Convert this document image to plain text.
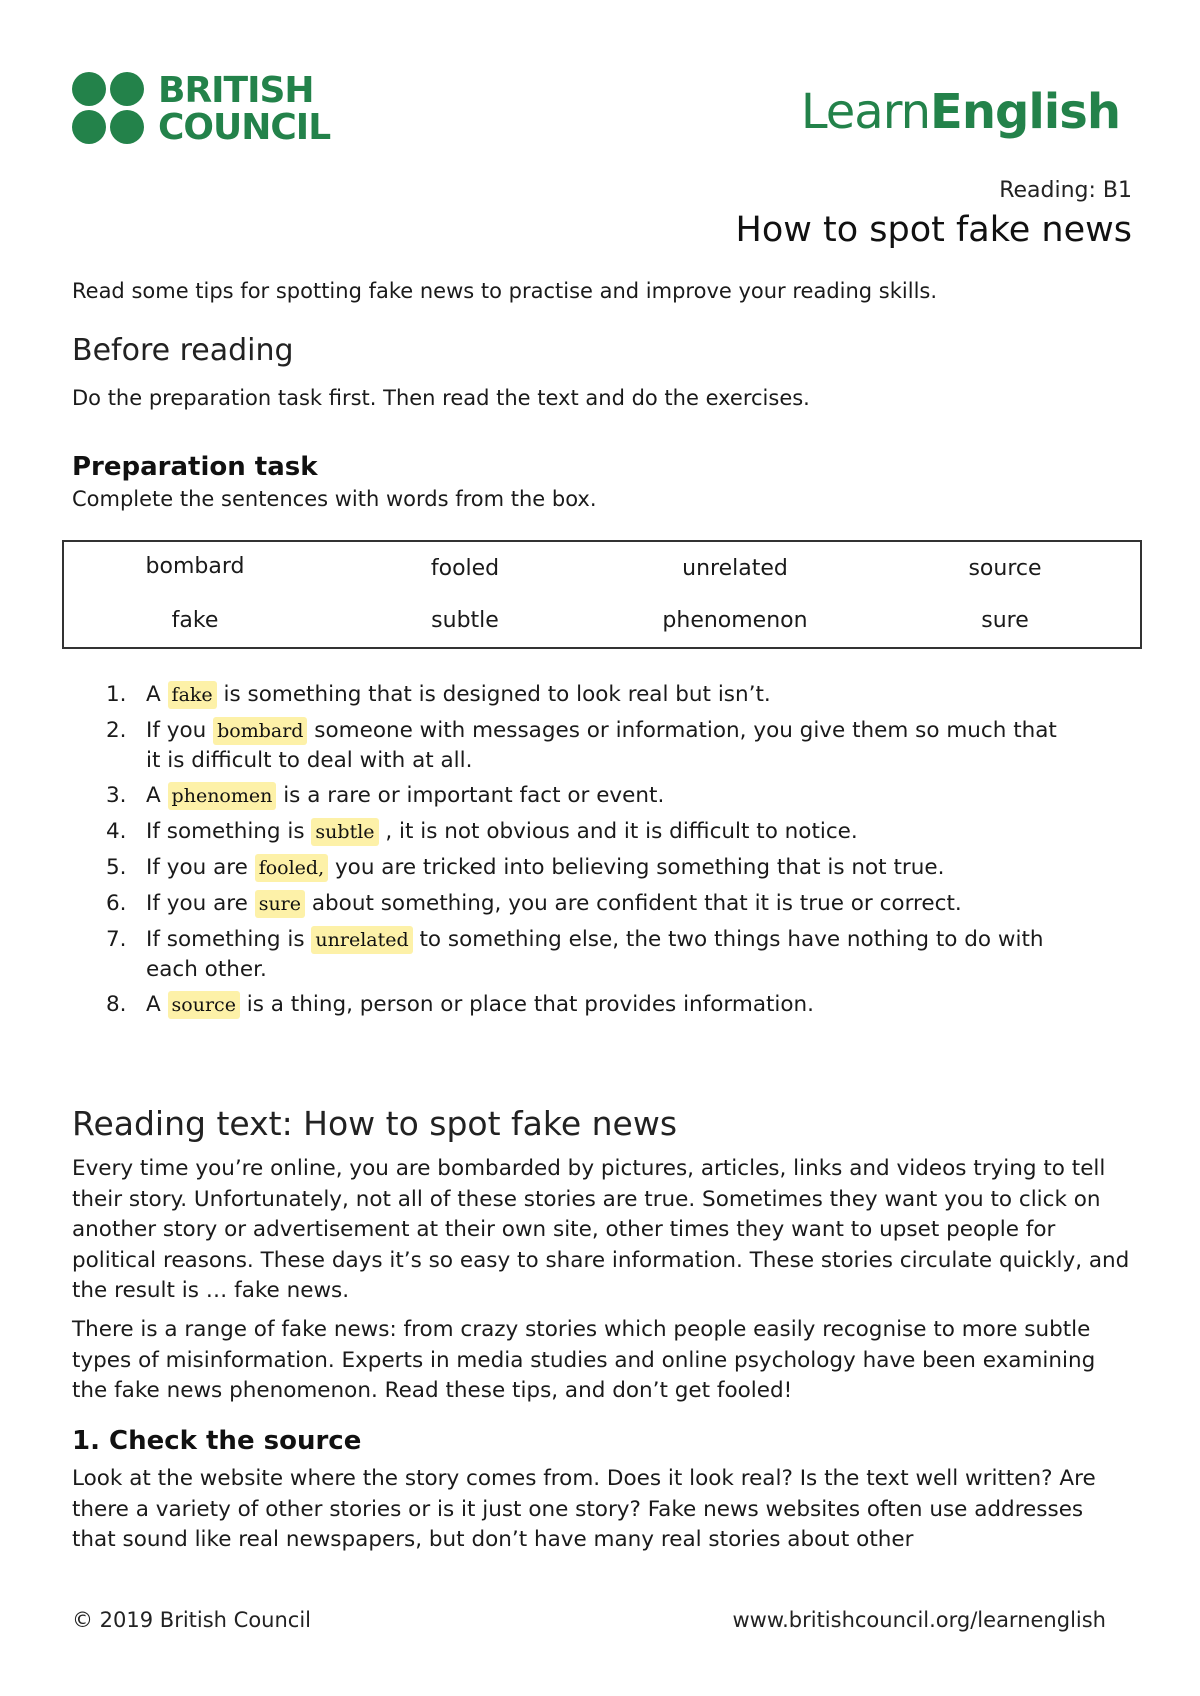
BRITISH
COUNCIL	LearnEnglish
Reading: B1
How to spot fake news
Read some tips for spotting fake news to practise and improve your reading skills.
Before reading
Do the preparation task first. Then read the text and do the exercises.
Preparation task
Complete the sentences with words from the box.
bombard	fooled	unrelated	source
fake	subtle	phenomenon	sure
1. A fake is something that is designed to look real but isn’t.
2. If you bombard someone with messages or information, you give them so much that it is difficult to deal with at all.
3. A phenomen is a rare or important fact or event.
4. If something is subtle , it is not obvious and it is difficult to notice.
5. If you are fooled, you are tricked into believing something that is not true.
6. If you are sure about something, you are confident that it is true or correct.
7. If something is unrelated to something else, the two things have nothing to do with each other.
8. A source is a thing, person or place that provides information.
Reading text: How to spot fake news

Every time you’re online, you are bombarded by pictures, articles, links and videos trying to tell their story. Unfortunately, not all of these stories are true. Sometimes they want you to click on another story or advertisement at their own site, other times they want to upset people for political reasons. These days it’s so easy to share information. These stories circulate quickly, and the result is … fake news.

There is a range of fake news: from crazy stories which people easily recognise to more subtle types of misinformation. Experts in media studies and online psychology have been examining the fake news phenomenon. Read these tips, and don’t get fooled!

1. Check the source

Look at the website where the story comes from. Does it look real? Is the text well written? Are there a variety of other stories or is it just one story? Fake news websites often use addresses that sound like real newspapers, but don’t have many real stories about other

© 2019 British Council	www.britishcouncil.org/learnenglish
